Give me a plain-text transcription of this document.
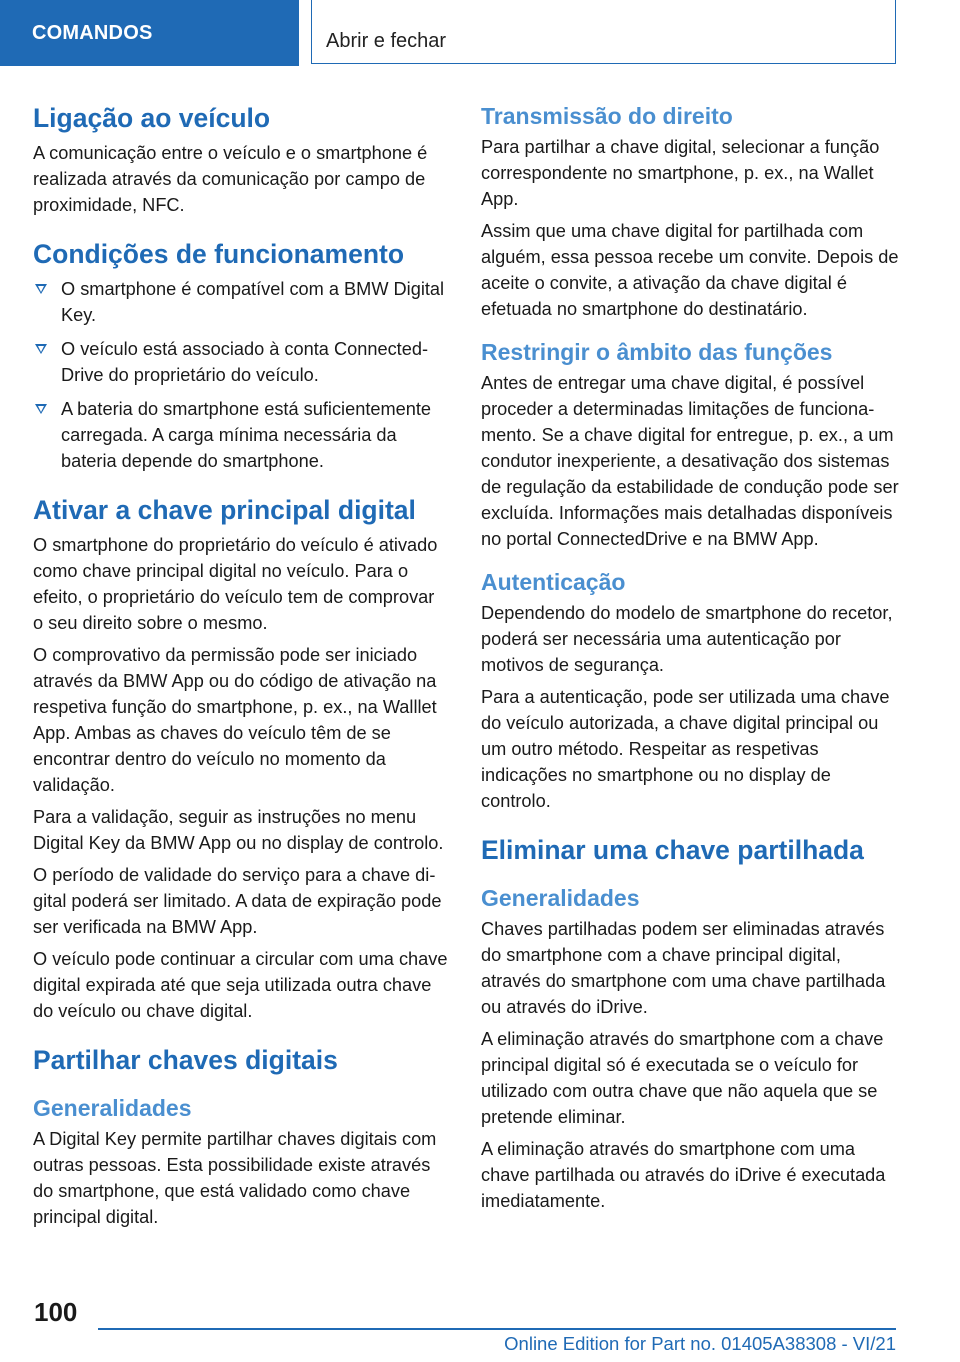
COMANDOS	Abrir e fechar
Ligação ao veículo

A comunicação entre o veículo e o smartphone é realizada através da comunicação por campo de proximidade, NFC.

Condições de funcionamento
O smartphone é compatível com a BMW Digital Key.
O veículo está associado à conta ConnectedDrive do proprietário do veículo.
A bateria do smartphone está suficientemente carregada. A carga mínima necessária da bateria depende do smartphone.
Ativar a chave principal digital

O smartphone do proprietário do veículo é ativado como chave principal digital no veículo. Para o efeito, o proprietário do veículo tem de comprovar o seu direito sobre o mesmo.

O comprovativo da permissão pode ser iniciado através da BMW App ou do código de ativação na respetiva função do smartphone, p. ex., na Walllet App. Ambas as chaves do veículo têm de se encontrar dentro do veículo no momento da validação.

Para a validação, seguir as instruções no menu Digital Key da BMW App ou no display de controlo.

O período de validade do serviço para a chave digital poderá ser limitado. A data de expiração pode ser verificada na BMW App.

O veículo pode continuar a circular com uma chave digital expirada até que seja utilizada outra chave do veículo ou chave digital.

Partilhar chaves digitais
Generalidades

A Digital Key permite partilhar chaves digitais com outras pessoas. Esta possibilidade existe através do smartphone, que está validado como chave principal digital.

Transmissão do direito

Para partilhar a chave digital, selecionar a função correspondente no smartphone, p. ex., na Wallet App.

Assim que uma chave digital for partilhada com alguém, essa pessoa recebe um convite. Depois de aceite o convite, a ativação da chave digital é efetuada no smartphone do destinatário.

Restringir o âmbito das funções

Antes de entregar uma chave digital, é possível proceder a determinadas limitações de funcionamento. Se a chave digital for entregue, p. ex., a um condutor inexperiente, a desativação dos sistemas de regulação da estabilidade de condução pode ser excluída. Informações mais detalhadas disponíveis no portal ConnectedDrive e na BMW App.

Autenticação

Dependendo do modelo de smartphone do recetor, poderá ser necessária uma autenticação por motivos de segurança.

Para a autenticação, pode ser utilizada uma chave do veículo autorizada, a chave digital principal ou um outro método. Respeitar as respetivas indicações no smartphone ou no display de controlo.

Eliminar uma chave partilhada
Generalidades

Chaves partilhadas podem ser eliminadas através do smartphone com a chave principal digital, através do smartphone com uma chave partilhada ou através do iDrive.

A eliminação através do smartphone com a chave principal digital só é executada se o veículo for utilizado com outra chave que não aquela que se pretende eliminar.

A eliminação através do smartphone com uma chave partilhada ou através do iDrive é executada imediatamente.

100
Online Edition for Part no. 01405A38308 - VI/21
